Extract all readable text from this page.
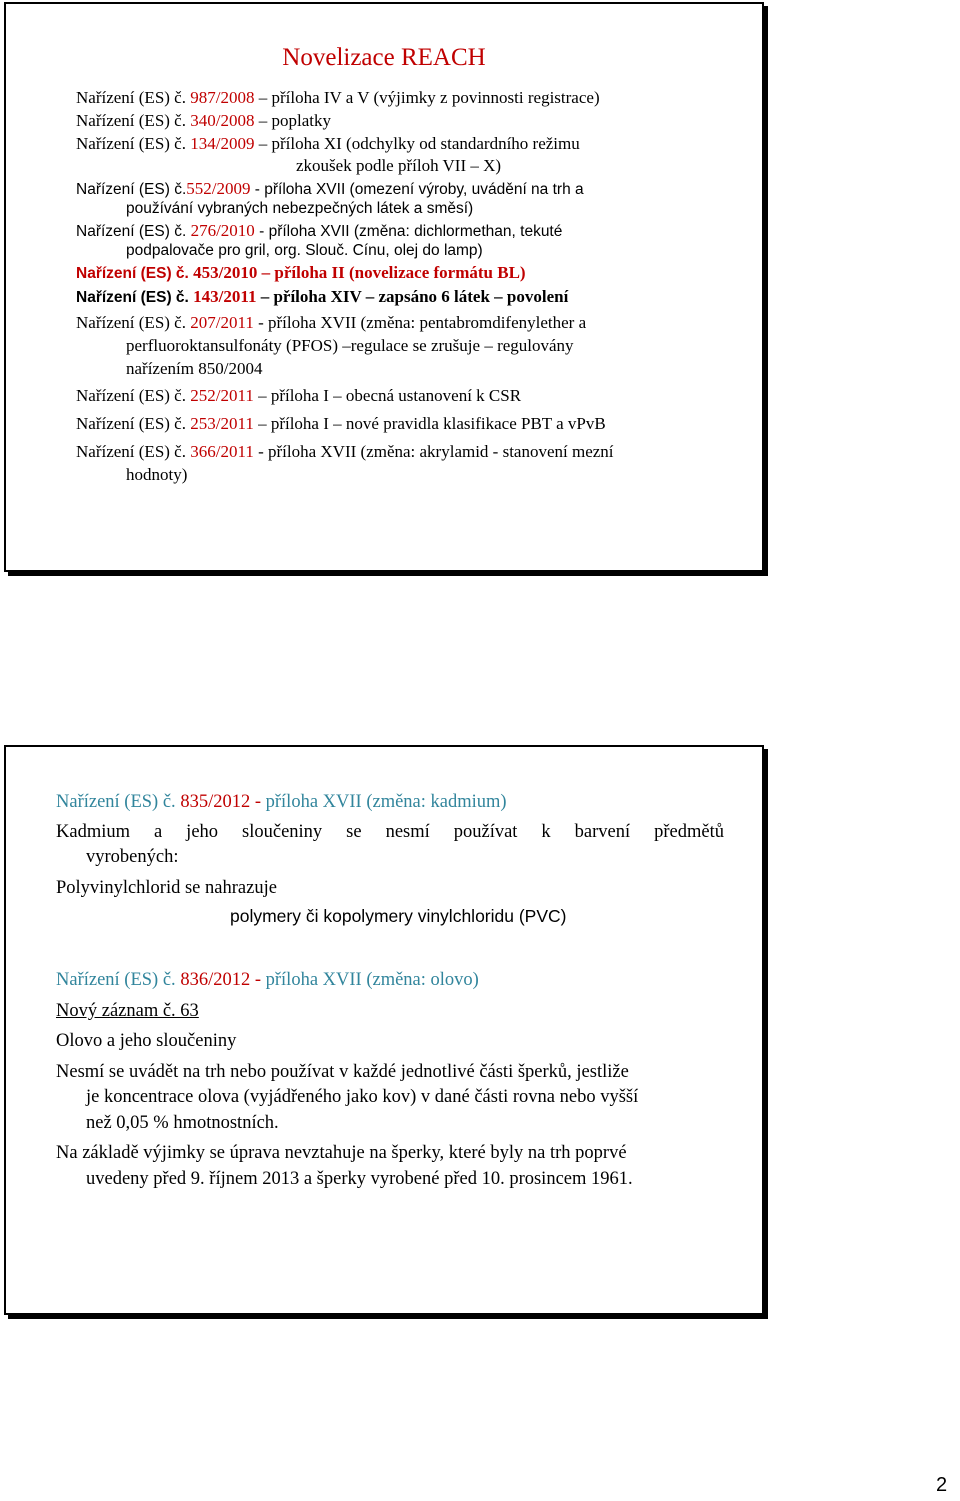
Novelizace REACH
Nařízení (ES) č. 987/2008 – příloha IV a V (výjimky z povinnosti registrace)
Nařízení (ES) č. 340/2008 – poplatky
Nařízení (ES) č. 134/2009 – příloha XI (odchylky od standardního režimu
zkoušek podle příloh VII – X)
Nařízení (ES) č.552/2009 - příloha XVII (omezení výroby, uvádění na trh a
používání vybraných nebezpečných látek a směsí)
Nařízení (ES) č. 276/2010 - příloha XVII (změna: dichlormethan, tekuté
podpalovače pro gril, org. Slouč. Cínu, olej do lamp)
Nařízení (ES) č. 453/2010 – příloha II (novelizace formátu BL)
Nařízení (ES) č. 143/2011 – příloha XIV – zapsáno 6 látek – povolení
Nařízení (ES) č. 207/2011 - příloha XVII (změna: pentabromdifenylether a
perfluoroktansulfonáty (PFOS) –regulace se zrušuje – regulovány
nařízením 850/2004
Nařízení (ES) č. 252/2011 – příloha I – obecná ustanovení k CSR
Nařízení (ES) č. 253/2011 – příloha I – nové pravidla klasifikace PBT a vPvB
Nařízení (ES) č. 366/2011 - příloha XVII (změna: akrylamid - stanovení mezní
hodnoty)
Nařízení (ES) č. 835/2012 - příloha XVII (změna: kadmium)
Kadmium a jeho sloučeniny se nesmí používat k barvení předmětů
vyrobených:
Polyvinylchlorid se nahrazuje
polymery či kopolymery vinylchloridu (PVC)
Nařízení (ES) č. 836/2012 - příloha XVII (změna: olovo)
Nový záznam č. 63
Olovo a jeho sloučeniny
Nesmí se uvádět na trh nebo používat v každé jednotlivé části šperků, jestliže
je koncentrace olova (vyjádřeného jako kov) v dané části rovna nebo vyšší
než 0,05 % hmotnostních.
Na základě výjimky se úprava nevztahuje na šperky, které byly na trh poprvé
uvedeny před 9. říjnem 2013 a šperky vyrobené před 10. prosincem 1961.
2
